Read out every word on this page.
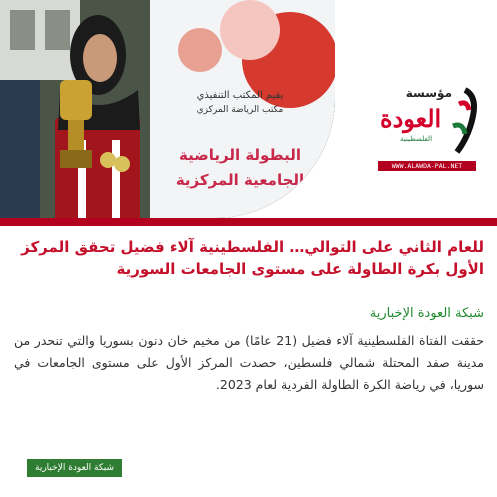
يقيم المكتب التنفيذي
مكتب الرياضة المركزي
البطولة الرياضية
الجامعية المركزية
مؤسسة
العودة
الفلسطينية
WWW.ALAWDA-PAL.NET
للعام الثاني على التوالي… الفلسطينية آلاء فضيل تحقق المركز الأول بكرة الطاولة على مستوى الجامعات السورية
شبكة العودة الإخبارية
حققت الفتاة الفلسطينية آلاء فضيل (21 عامًا) من مخيم خان دنون بسوريا والتي تنحدر من مدينة صفد المحتلة شمالي فلسطين، حصدت المركز الأول على مستوى الجامعات في سوريا، في رياضة الكرة الطاولة الفردية لعام 2023.
شبكة العودة الإخبارية
